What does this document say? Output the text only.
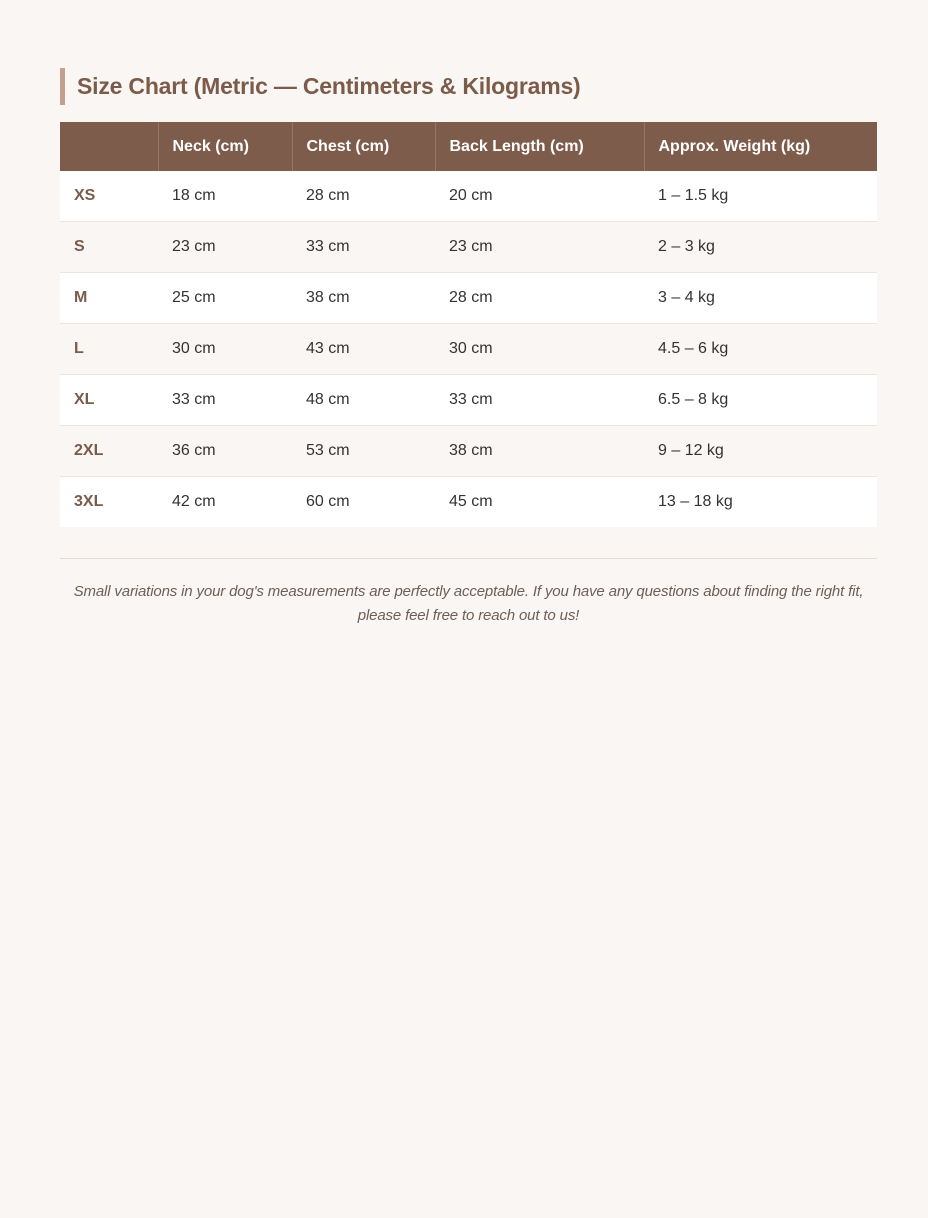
Size Chart (Metric — Centimeters & Kilograms)
	Neck (cm)	Chest (cm)	Back Length (cm)	Approx. Weight (kg)
XS	18 cm	28 cm	20 cm	1 – 1.5 kg
S	23 cm	33 cm	23 cm	2 – 3 kg
M	25 cm	38 cm	28 cm	3 – 4 kg
L	30 cm	43 cm	30 cm	4.5 – 6 kg
XL	33 cm	48 cm	33 cm	6.5 – 8 kg
2XL	36 cm	53 cm	38 cm	9 – 12 kg
3XL	42 cm	60 cm	45 cm	13 – 18 kg
Small variations in your dog's measurements are perfectly acceptable. If you have any questions about finding the right fit, please feel free to reach out to us!
